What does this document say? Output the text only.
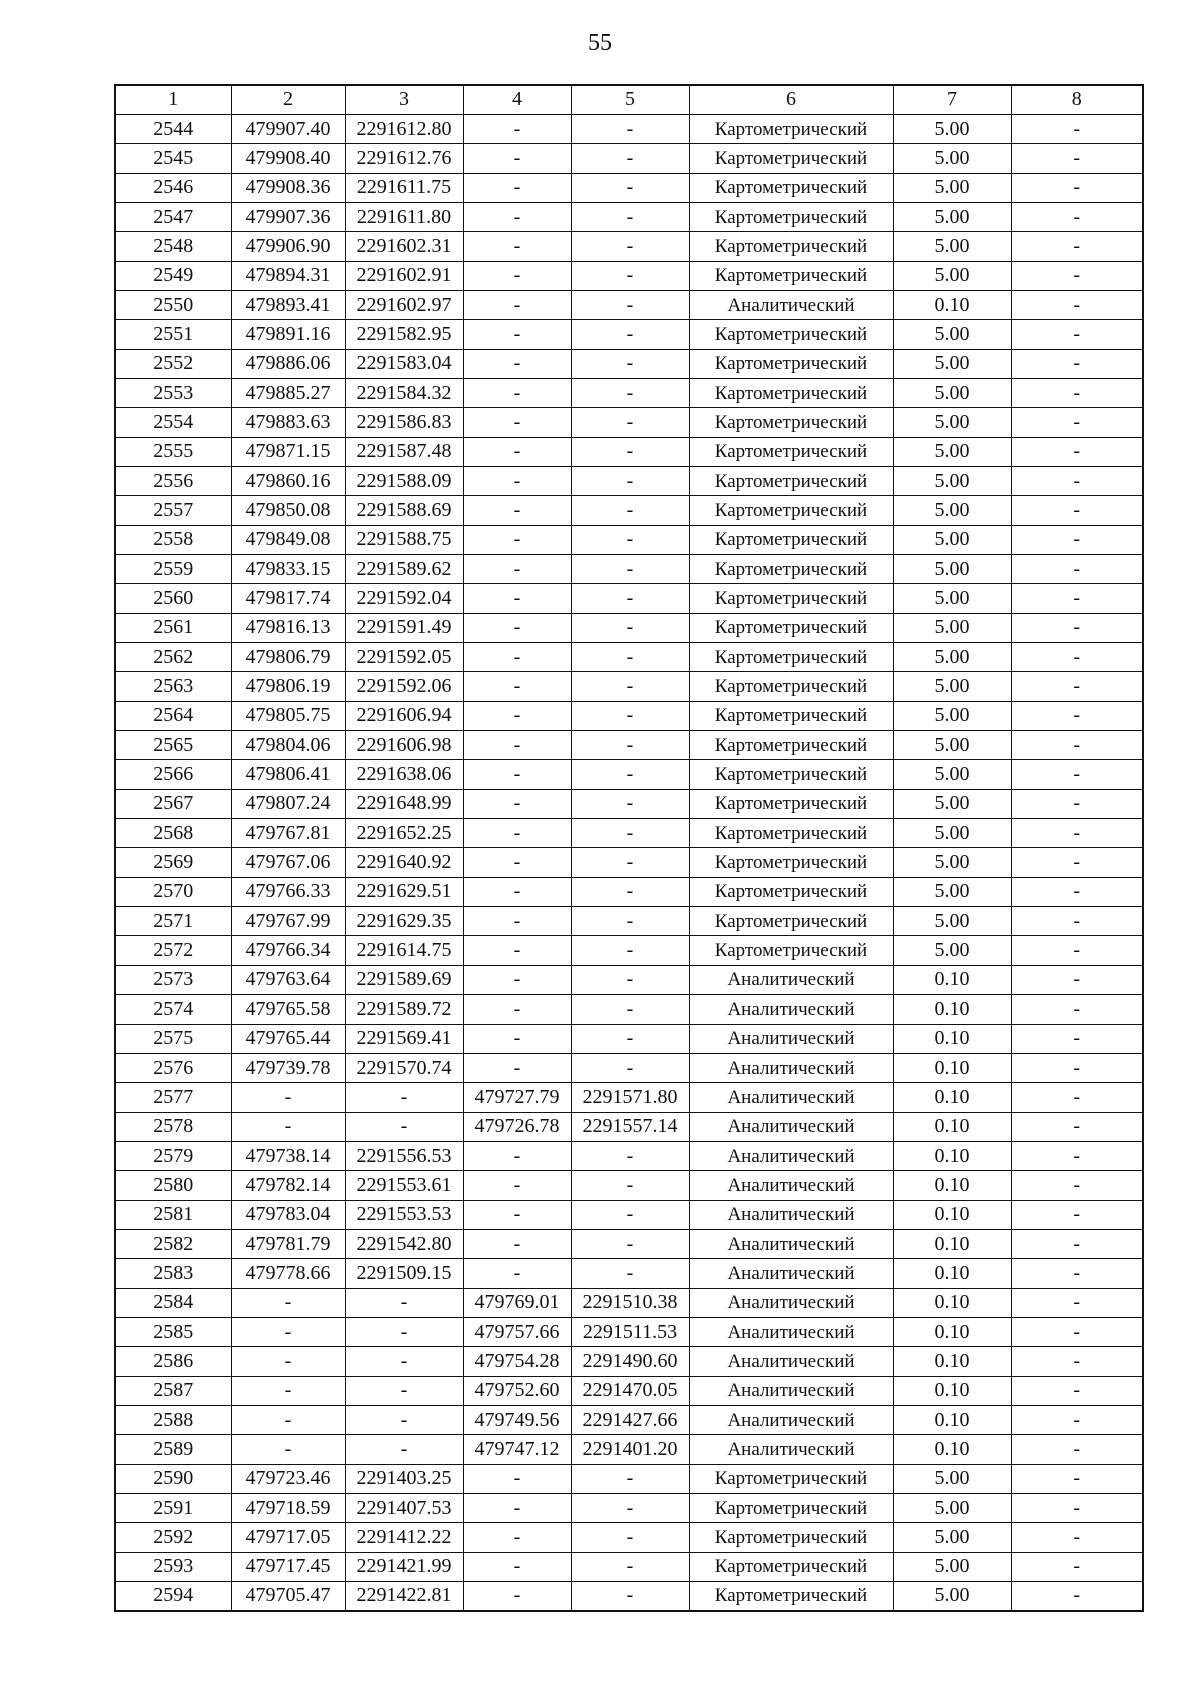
55
1	2	3	4	5	6	7	8
2544	479907.40	2291612.80	-	-	Картометрический	5.00	-
2545	479908.40	2291612.76	-	-	Картометрический	5.00	-
2546	479908.36	2291611.75	-	-	Картометрический	5.00	-
2547	479907.36	2291611.80	-	-	Картометрический	5.00	-
2548	479906.90	2291602.31	-	-	Картометрический	5.00	-
2549	479894.31	2291602.91	-	-	Картометрический	5.00	-
2550	479893.41	2291602.97	-	-	Аналитический	0.10	-
2551	479891.16	2291582.95	-	-	Картометрический	5.00	-
2552	479886.06	2291583.04	-	-	Картометрический	5.00	-
2553	479885.27	2291584.32	-	-	Картометрический	5.00	-
2554	479883.63	2291586.83	-	-	Картометрический	5.00	-
2555	479871.15	2291587.48	-	-	Картометрический	5.00	-
2556	479860.16	2291588.09	-	-	Картометрический	5.00	-
2557	479850.08	2291588.69	-	-	Картометрический	5.00	-
2558	479849.08	2291588.75	-	-	Картометрический	5.00	-
2559	479833.15	2291589.62	-	-	Картометрический	5.00	-
2560	479817.74	2291592.04	-	-	Картометрический	5.00	-
2561	479816.13	2291591.49	-	-	Картометрический	5.00	-
2562	479806.79	2291592.05	-	-	Картометрический	5.00	-
2563	479806.19	2291592.06	-	-	Картометрический	5.00	-
2564	479805.75	2291606.94	-	-	Картометрический	5.00	-
2565	479804.06	2291606.98	-	-	Картометрический	5.00	-
2566	479806.41	2291638.06	-	-	Картометрический	5.00	-
2567	479807.24	2291648.99	-	-	Картометрический	5.00	-
2568	479767.81	2291652.25	-	-	Картометрический	5.00	-
2569	479767.06	2291640.92	-	-	Картометрический	5.00	-
2570	479766.33	2291629.51	-	-	Картометрический	5.00	-
2571	479767.99	2291629.35	-	-	Картометрический	5.00	-
2572	479766.34	2291614.75	-	-	Картометрический	5.00	-
2573	479763.64	2291589.69	-	-	Аналитический	0.10	-
2574	479765.58	2291589.72	-	-	Аналитический	0.10	-
2575	479765.44	2291569.41	-	-	Аналитический	0.10	-
2576	479739.78	2291570.74	-	-	Аналитический	0.10	-
2577	-	-	479727.79	2291571.80	Аналитический	0.10	-
2578	-	-	479726.78	2291557.14	Аналитический	0.10	-
2579	479738.14	2291556.53	-	-	Аналитический	0.10	-
2580	479782.14	2291553.61	-	-	Аналитический	0.10	-
2581	479783.04	2291553.53	-	-	Аналитический	0.10	-
2582	479781.79	2291542.80	-	-	Аналитический	0.10	-
2583	479778.66	2291509.15	-	-	Аналитический	0.10	-
2584	-	-	479769.01	2291510.38	Аналитический	0.10	-
2585	-	-	479757.66	2291511.53	Аналитический	0.10	-
2586	-	-	479754.28	2291490.60	Аналитический	0.10	-
2587	-	-	479752.60	2291470.05	Аналитический	0.10	-
2588	-	-	479749.56	2291427.66	Аналитический	0.10	-
2589	-	-	479747.12	2291401.20	Аналитический	0.10	-
2590	479723.46	2291403.25	-	-	Картометрический	5.00	-
2591	479718.59	2291407.53	-	-	Картометрический	5.00	-
2592	479717.05	2291412.22	-	-	Картометрический	5.00	-
2593	479717.45	2291421.99	-	-	Картометрический	5.00	-
2594	479705.47	2291422.81	-	-	Картометрический	5.00	-
